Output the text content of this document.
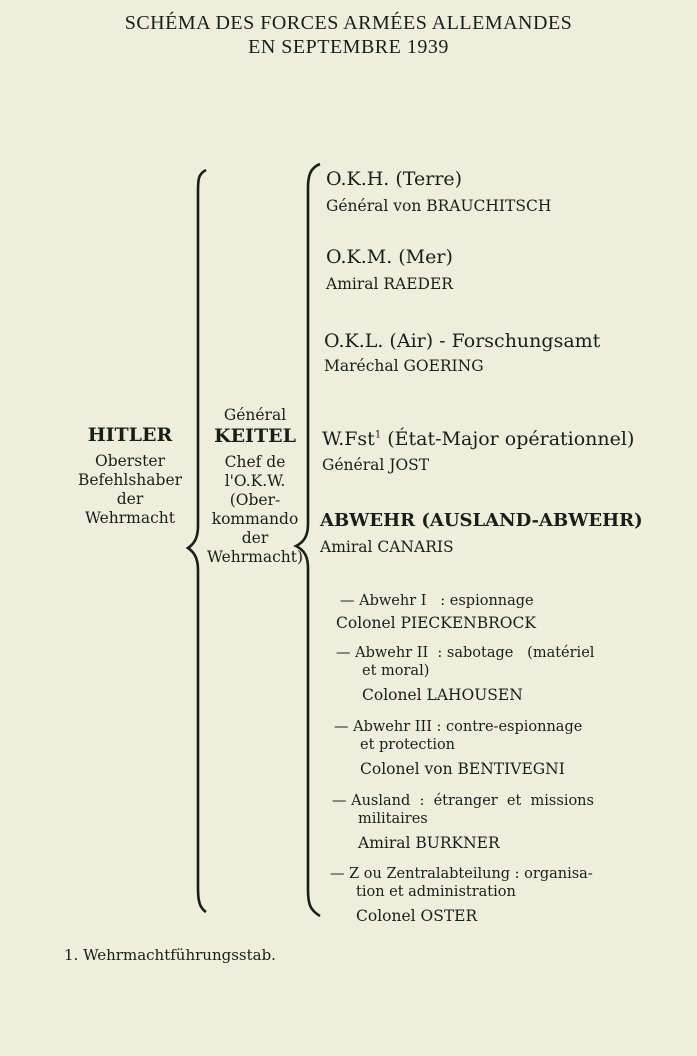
SCHÉMA DES FORCES ARMÉES ALLEMANDES
EN SEPTEMBRE 1939
HITLER
Oberster
Befehlshaber
der
Wehrmacht
Général
KEITEL
Chef de
l'O.K.W.
(Ober-
kommando
der
Wehrmacht)
O.K.H. (Terre)
Général von BRAUCHITSCH
O.K.M. (Mer)
Amiral RAEDER
O.K.L. (Air) - Forschungsamt
Maréchal GOERING
W.Fst$^1$ (État-Major opérationnel)
Général JOST
ABWEHR (AUSLAND-ABWEHR)
Amiral CANARIS
— Abwehr I   : espionnage
Colonel PIECKENBROCK
— Abwehr II  : sabotage   (matériel
et moral)
Colonel LAHOUSEN
— Abwehr III : contre-espionnage
et protection
Colonel von BENTIVEGNI
— Ausland  :  étranger  et  missions
militaires
Amiral BURKNER
— Z ou Zentralabteilung : organisa-
tion et administration
Colonel OSTER
1. Wehrmachtführungsstab.
